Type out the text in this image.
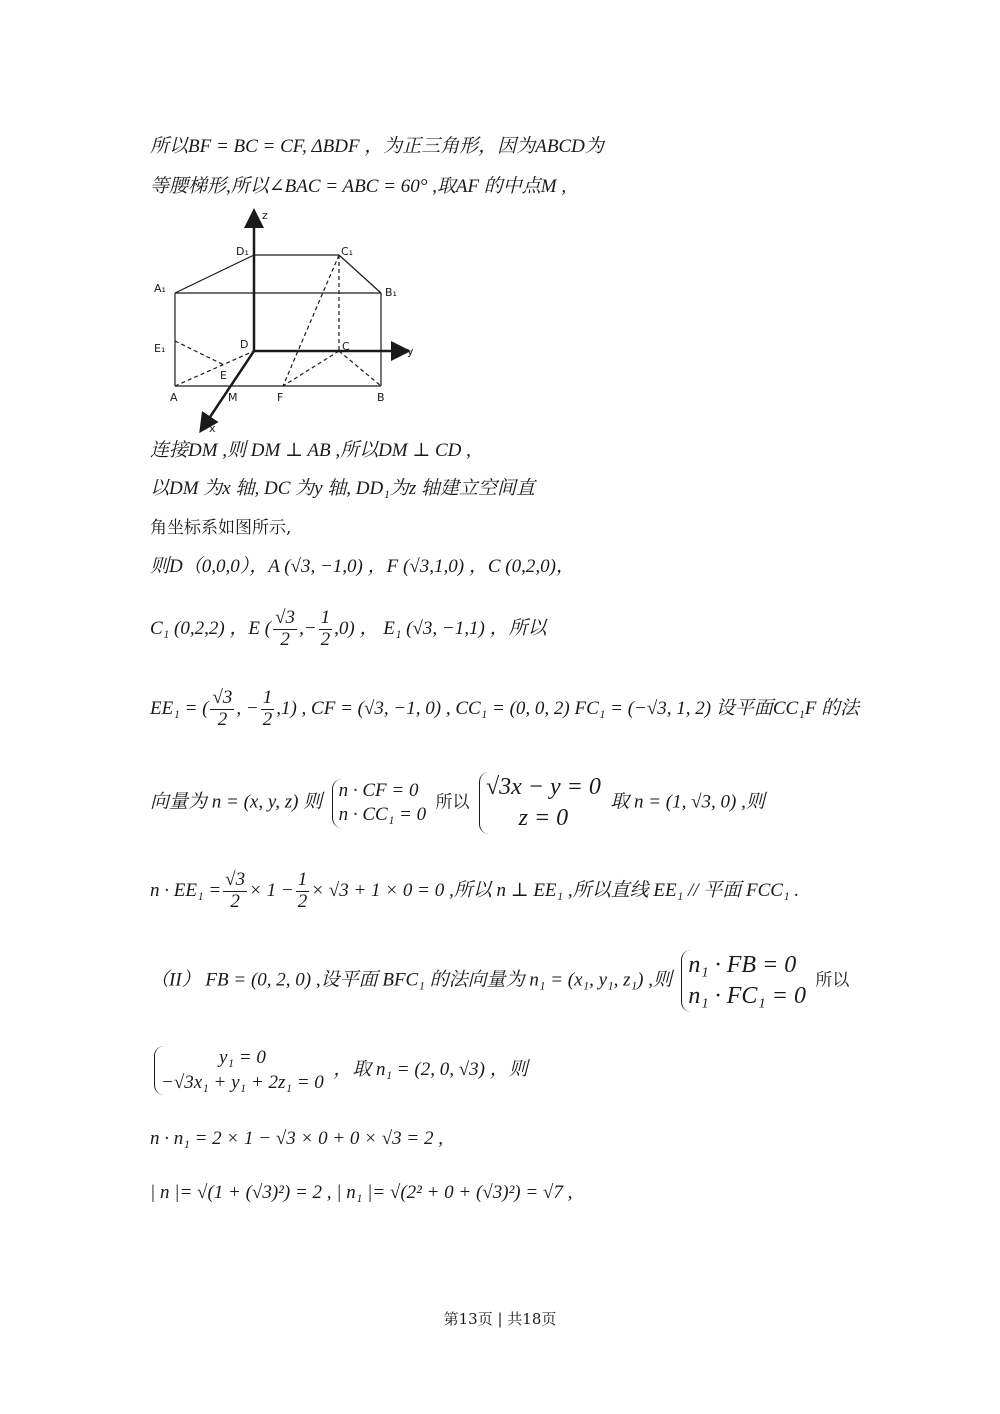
所以BF = BC = CF, ΔBDF ，为正三角形，因为ABCD为
等腰梯形,所以∠BAC = ABC = 60° ,取AF 的中点M ,
z
y
x
D₁	C₁
A₁	B₁
E₁	D	C
E
A	M	F	B
连接DM ,则 DM ⊥ AB ,所以DM ⊥ CD ,
以DM 为x 轴, DC 为y 轴, DD₁为z 轴建立空间直
角坐标系如图所示,
则D（0,0,0），A (√3, −1,0) ，F (√3,1,0) ，C (0,2,0)，
C₁ (0,2,2) ，E ( $\frac{√3}{2}$ ,− $\frac{1}{2} ,0$) ， E₁ (√3, −1,1) ，所以
EE₁ = ( $\frac{√3}{2}$ , − $\frac{1}{2} ,1$) , CF = (√3, −1, 0) , CC₁ = (0, 0, 2) FC₁ = (−√3, 1, 2) 设平面CC₁F 的法
向量为 n = (x, y, z) 则
n · CF = 0
n · CC₁ = 0
所以
√3x − y = 0
z = 0
取 n = (1, √3, 0) ,则
$n \cdot EE_1 = \frac{√3}{2} \times 1 - \frac{1}{2} \times √3 + 1 \times 0 = 0$ ,所以 n ⊥ EE₁ ,所以直线 EE₁ // 平面 FCC₁ .
（II） FB = (0, 2, 0) ,设平面 BFC₁ 的法向量为 n₁ = (x₁, y₁, z₁) ,则
n₁ · FB = 0
n₁ · FC₁ = 0
所以
y₁ = 0
−√3x₁ + y₁ + 2z₁ = 0
，取 n₁ = (2, 0, √3) ，则
n · n₁ = 2 × 1 − √3 × 0 + 0 × √3 = 2 ,
| n |= √(1 + (√3)²) = 2 , | n₁ |= √(2² + 0 + (√3)²) = √7 ,
第13页 | 共18页
